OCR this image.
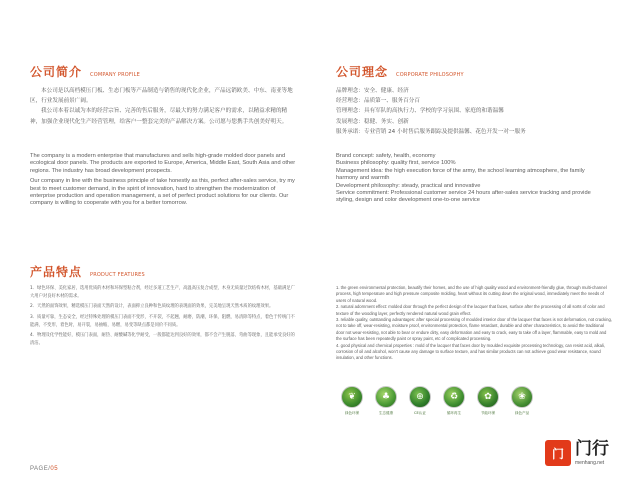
公司简介 COMPANY PROFILE

本公司是以高档模压门板、生态门板等产品制造与销售的现代化企业，产品远销欧美、中东、南亚等地区，行业发展前景广阔。

我公司本着以诚为本的经营宗旨、完善的售后服务，尽最大的努力满足客户的需求，以精益求精的精神，加强企业现代化生产经营管理，给客户一整套完美的产品解决方案。公司愿与您携手共创美好明天。

The company is a modern enterprise that manufactures and sells high-grade molded door panels and ecological door panels. The products are exported to Europe, America, Middle East, South Asia and other regions. The industry has broad development prospects.

Our company in line with the business principle of take honestly as this, perfect after-sales service, try my best to meet customer demand, in the spirit of innovation, hard to strengthen the modernization of enterprise production and operation management, a set of perfect product solutions for our clients. Our company is willing to cooperate with you for a better tomorrow.

公司理念 CORPORATE PHILOSOPHY

品牌理念：安全、健康、经济

经营理念：品质第一、服务百分百

管理理念：具有军队的高执行力、学校的学习氛围、家庭的和谐温馨

发展理念：稳健、务实、创新

服务承诺：专业营销 24 小时售后服务跟踪及提供温馨、花色开发一对一服务

Brand concept: safety, health, economy
Business philosophy: quality first, service 100%
Management idea: the high execution force of the army, the school learning atmosphere, the family harmony and warmth
Development philosophy: steady, practical and innovative
Service commitment: Professional customer service 24 hours after-sales service tracking and provide styling, design and color development one-to-one service
产品特点 PRODUCT FEATURES
1．绿色环保、美化家居，选用优质的木材和环保型粘合剂，经过多道工艺生产，高温高压复合成型，木身无质量过饮结构木材，基础满足广大用户对良好木材的需求。
2．天然的面饰效果，精选模压门表面天然的设计，表面抑立良种和色质纹理的表现面的效果，完美地呈现天然木质的纹理效果。
3．质量可靠，生态安全，经过特殊处理的模压门表面不变形，不开裂，不起翘，耐磨，防潮，环保，阻燃，易清除等特点，着色于传统门不能满，不变形，着色时，易开裂，易抽缩，易燃，易变等缺点都是同价不同质。
4．物理及化学性能好，模压门表面，耐热、耐酸碱等化学耐受，一般都能达到良好的效果，都不会产生脱落、弯曲等现象，且能承受良好的清洁。
1. the green environmental protection, beautify their homes, and the use of high quality wood and environment-friendly glue, through multi-channel process, high temperature and high pressure composite molding, heart without its cutting down the original wood, immediately meet the needs of users of natural wood.
2. natural adornment effect: molded door through the perfect design of the lacquer that faces, surface after the processing of all sorts of color and texture of the wooding layer, perfectly rendered natural wood grain effect.
3. reliable quality, outstanding advantages: after special processing of moulded interior door of the lacquer that faces is not deformation, not cracking, not to take off, wear-resisting, moisture proof, environmental protection, flame retardant, durable and other characteristics, to avoid the traditional door not wear-resisting, not able to bear or endure dirty, easy deformation and easy to crack, easy to take off a layer, flammable, easy to mold and the surface has been repeatedly paint or spray paint, etc of complicated processing.
4. good physical and chemical properties : mold of the lacquer that faces door by moulded exquisite processing technology, can resist acid, alkali, corrosion of oil and alcohol, won't cause any damage to surface texture, and has similar products can not achieve good wear resistance, sound insulation, and other functions.
❦
绿色环保
♣
生态健康
⊕
CE认证
♻
循环再生
✿
节能环保
❀
绿色产品
PAGE/05
门 门行
menhang.net
